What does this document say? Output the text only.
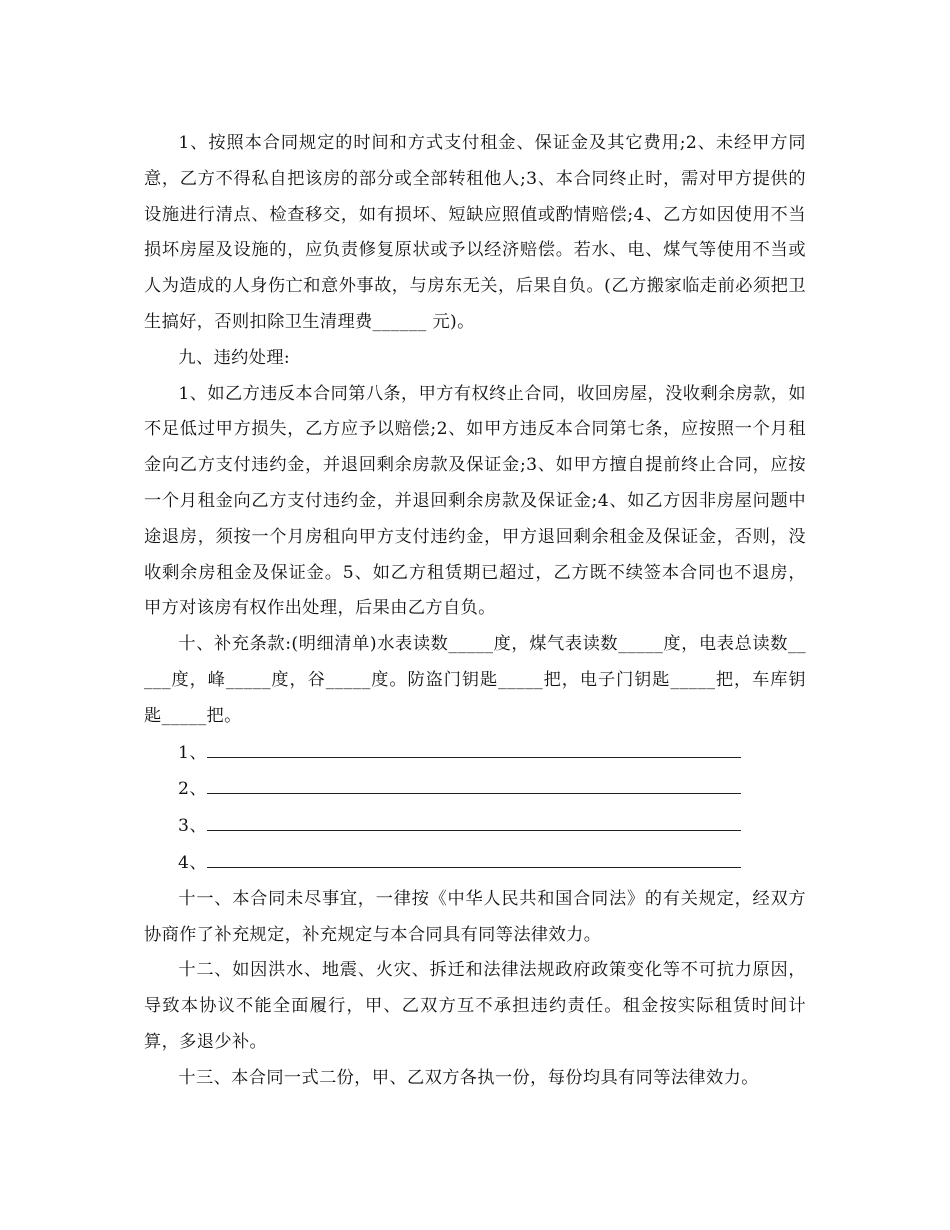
1、按照本合同规定的时间和方式支付租金、保证金及其它费用;2、未经甲方同意，乙方不得私自把该房的部分或全部转租他人;3、本合同终止时，需对甲方提供的设施进行清点、检查移交，如有损坏、短缺应照值或酌情赔偿;4、乙方如因使用不当损坏房屋及设施的，应负责修复原状或予以经济赔偿。若水、电、煤气等使用不当或人为造成的人身伤亡和意外事故，与房东无关，后果自负。(乙方搬家临走前必须把卫生搞好，否则扣除卫生清理费______ 元)。

九、违约处理:

1、如乙方违反本合同第八条，甲方有权终止合同，收回房屋，没收剩余房款，如不足低过甲方损失，乙方应予以赔偿;2、如甲方违反本合同第七条，应按照一个月租金向乙方支付违约金，并退回剩余房款及保证金;3、如甲方擅自提前终止合同，应按一个月租金向乙方支付违约金，并退回剩余房款及保证金;4、如乙方因非房屋问题中途退房，须按一个月房租向甲方支付违约金，甲方退回剩余租金及保证金，否则，没收剩余房租金及保证金。5、如乙方租赁期已超过，乙方既不续签本合同也不退房，甲方对该房有权作出处理，后果由乙方自负。

十、补充条款:(明细清单)水表读数_____度，煤气表读数_____度，电表总读数_____度，峰_____度，谷_____度。防盗门钥匙_____把，电子门钥匙_____把，车库钥匙_____把。

1、

2、

3、

4、

十一、本合同未尽事宜，一律按《中华人民共和国合同法》的有关规定，经双方协商作了补充规定，补充规定与本合同具有同等法律效力。

十二、如因洪水、地震、火灾、拆迁和法律法规政府政策变化等不可抗力原因，导致本协议不能全面履行，甲、乙双方互不承担违约责任。租金按实际租赁时间计算，多退少补。

十三、本合同一式二份，甲、乙双方各执一份，每份均具有同等法律效力。
